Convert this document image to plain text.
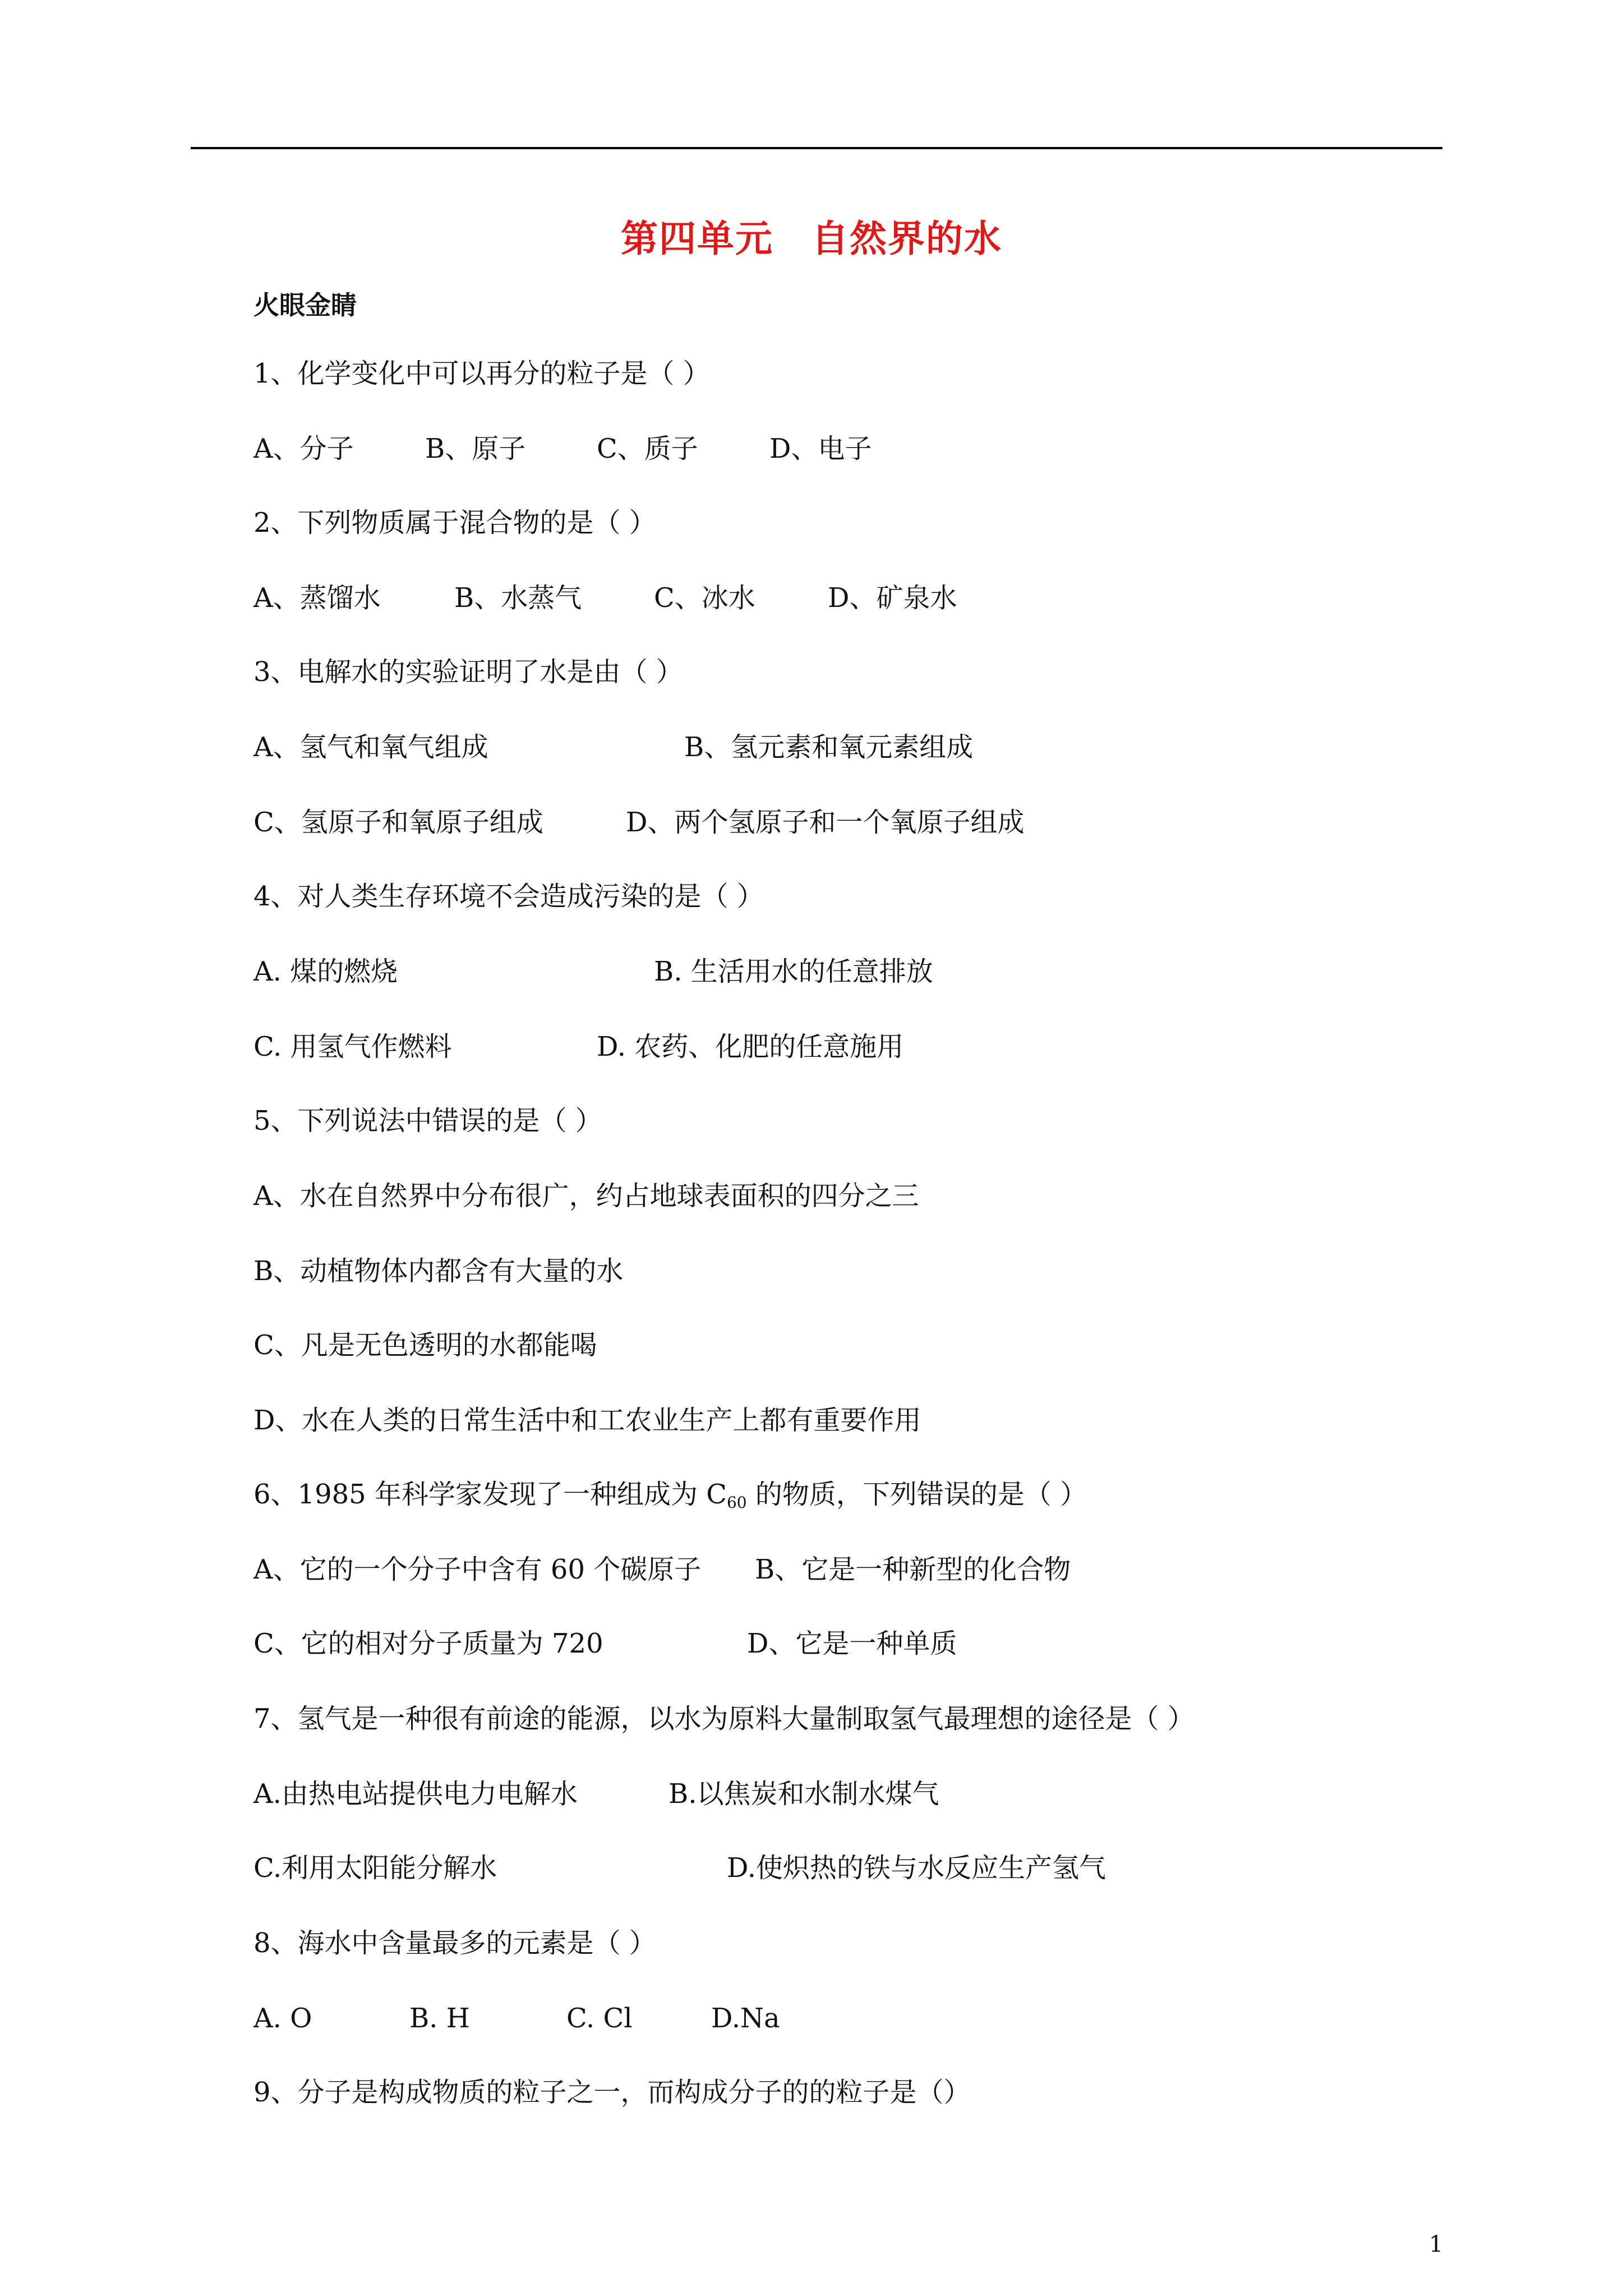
第四单元　自然界的水
火眼金睛
1、化学变化中可以再分的粒子是（ ）
A、分子	B、原子	C、质子	D、电子
2、下列物质属于混合物的是（ ）
A、蒸馏水	B、水蒸气	C、冰水	D、矿泉水
3、电解水的实验证明了水是由（ ）
A、氢气和氧气组成	B、氢元素和氧元素组成
C、氢原子和氧原子组成	D、两个氢原子和一个氧原子组成
4、对人类生存环境不会造成污染的是（ ）
A. 煤的燃烧	B. 生活用水的任意排放
C. 用氢气作燃料	D. 农药、化肥的任意施用
5、下列说法中错误的是（ ）
A、水在自然界中分布很广，约占地球表面积的四分之三
B、动植物体内都含有大量的水
C、凡是无色透明的水都能喝
D、水在人类的日常生活中和工农业生产上都有重要作用
6、1985 年科学家发现了一种组成为 $C_{60}$ 的物质，下列错误的是（ ）
A、它的一个分子中含有 60 个碳原子 B、它是一种新型的化合物
C、它的相对分子质量为 720	D、它是一种单质
7、氢气是一种很有前途的能源，以水为原料大量制取氢气最理想的途径是（ ）
A.由热电站提供电力电解水	B.以焦炭和水制水煤气
C.利用太阳能分解水	D.使炽热的铁与水反应生产氢气
8、海水中含量最多的元素是（ ）
A. O	B. H	C. Cl	D.Na
9、分子是构成物质的粒子之一，而构成分子的的粒子是（）
1
